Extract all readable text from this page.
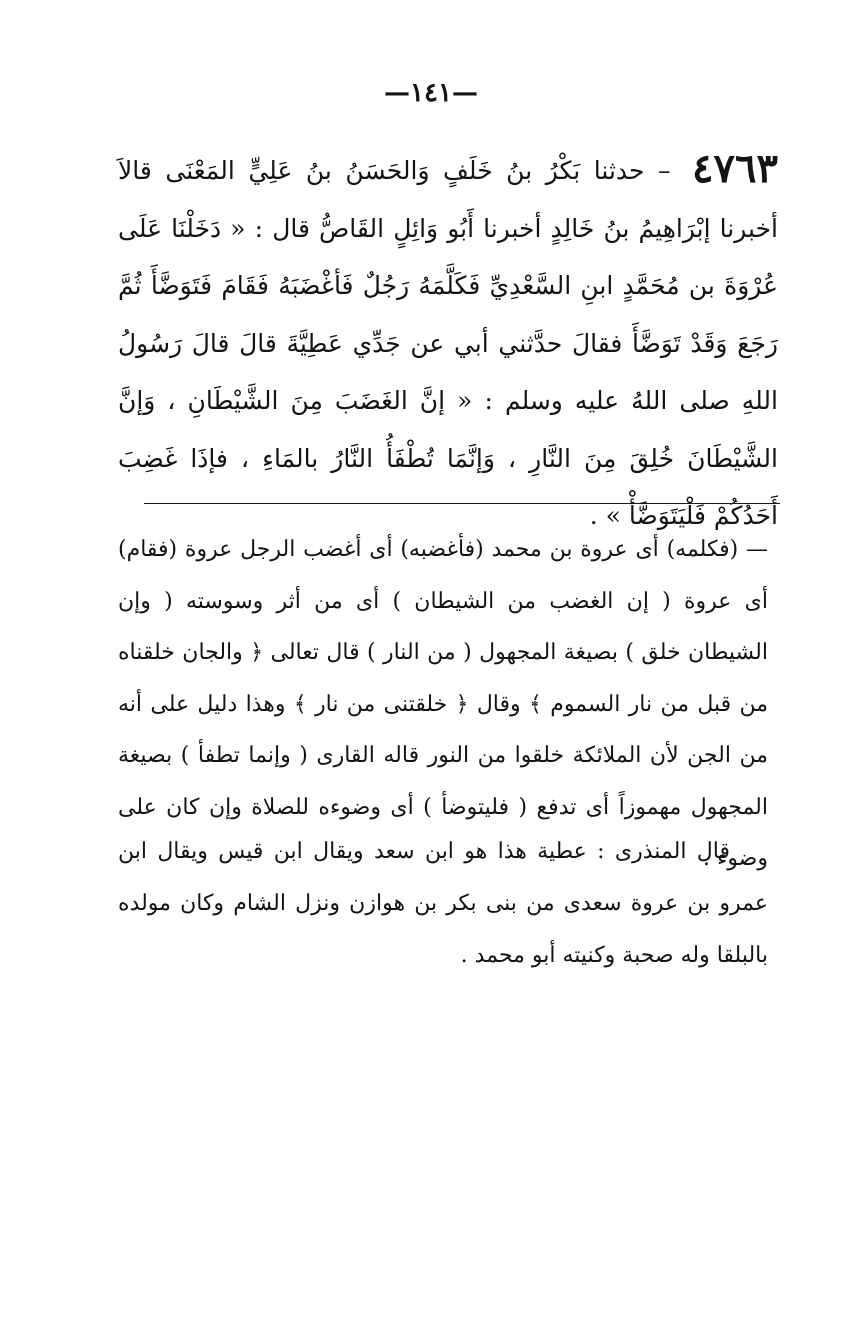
—١٤١—

٤٧٦٣ – حدثنا بَكْرُ بنُ خَلَفٍ وَالحَسَنُ بنُ عَلِيٍّ المَعْنَى قالاَ أخبرنا إبْرَاهِيمُ بنُ خَالِدٍ أخبرنا أَبُو وَائِلٍ القَاصُّ قال : « دَخَلْنَا عَلَى عُرْوَةَ بن مُحَمَّدٍ ابنِ السَّعْدِيِّ فَكَلَّمَهُ رَجُلٌ فَأغْضَبَهُ فَقَامَ فَتَوَضَّأَ ثُمَّ رَجَعَ وَقَدْ تَوَضَّأَ فقالَ حدَّثني أبي عن جَدِّي عَطِيَّةَ قالَ قالَ رَسُولُ اللهِ صلى اللهُ عليه وسلم : « إنَّ الغَضَبَ مِنَ الشَّيْطَانِ ، وَإنَّ الشَّيْطَانَ خُلِقَ مِنَ النَّارِ ، وَإنَّمَا تُطْفَأُ النَّارُ بالمَاءِ ، فإذَا غَضِبَ أَحَدُكُمْ فَلْيَتَوَضَّأْ » .

— (فكلمه) أى عروة بن محمد (فأغضبه) أى أغضب الرجل عروة (فقام) أى عروة ( إن الغضب من الشيطان ) أى من أثر وسوسته ( وإن الشيطان خلق ) بصيغة المجهول ( من النار ) قال تعالى ﴿ والجان خلقناه من قبل من نار السموم ﴾ وقال ﴿ خلقتنى من نار ﴾ وهذا دليل على أنه من الجن لأن الملائكة خلقوا من النور قاله القارى ( وإنما تطفأ ) بصيغة المجهول مهموزاً أى تدفع ( فليتوضأ ) أى وضوءه للصلاة وإن كان على وضوء .

قال المنذرى : عطية هذا هو ابن سعد ويقال ابن قيس ويقال ابن عمرو بن عروة سعدى من بنى بكر بن هوازن ونزل الشام وكان مولده بالبلقا وله صحبة وكنيته أبو محمد .
